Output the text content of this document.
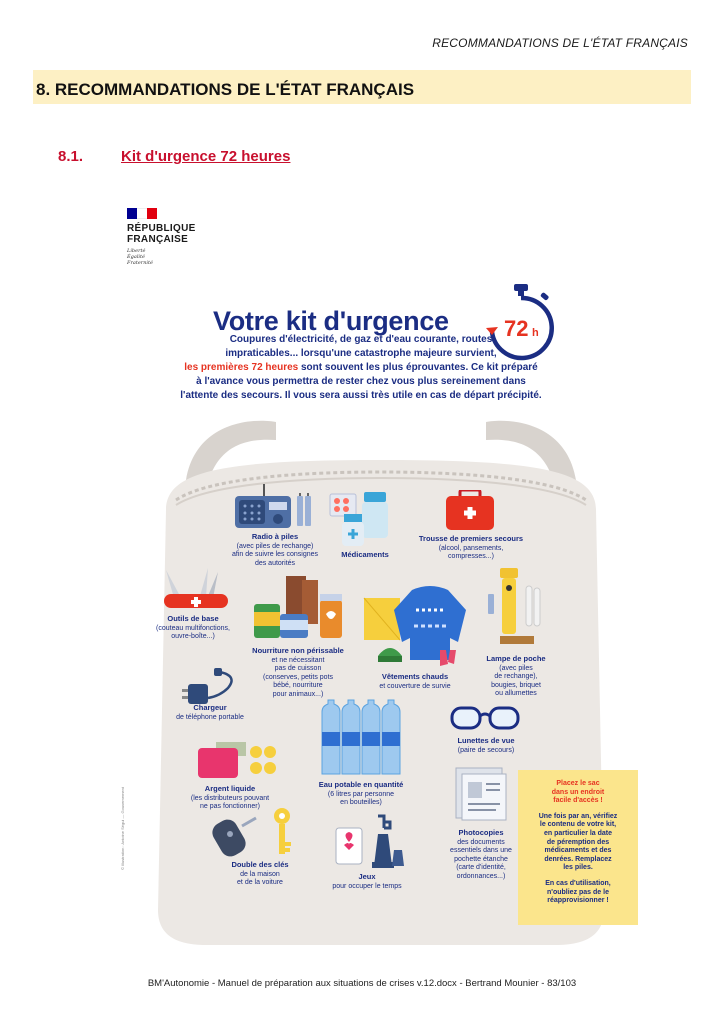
RECOMMANDATIONS DE L'ÉTAT FRANÇAIS
8. RECOMMANDATIONS DE L'ÉTAT FRANÇAIS
8.1.	Kit d'urgence 72 heures
RÉPUBLIQUE
FRANÇAISE
Liberté
Égalité
Fraternité
Votre kit d'urgence	72 h
Coupures d'électricité, de gaz et d'eau courante, routes
impraticables... lorsqu'une catastrophe majeure survient,
les premières 72 heures sont souvent les plus éprouvantes. Ce kit préparé
à l'avance vous permettra de rester chez vous plus sereinement dans
l'attente des secours. Il vous sera aussi très utile en cas de départ précipité.
Radio à piles
(avec piles de rechange)
afin de suivre les consignes
des autorités
Médicaments
Trousse de premiers secours
(alcool, pansements,
compresses...)
Outils de base
(couteau multifonctions,
ouvre-boîte...)
Nourriture non périssable
et ne nécessitant
pas de cuisson
(conserves, petits pots
bébé, nourriture
pour animaux...)
Vêtements chauds
et couverture de survie
Lampe de poche
(avec piles
de rechange),
bougies, briquet
ou allumettes
Chargeur
de téléphone portable
Eau potable en quantité
(6 litres par personne
en bouteilles)
Lunettes de vue
(paire de secours)
Argent liquide
(les distributeurs pouvant
ne pas fonctionner)
Photocopies
des documents
essentiels dans une
pochette étanche
(carte d'identité,
ordonnances...)
Double des clés
de la maison
et de la voiture
Jeux
pour occuper le temps

Placez le sac
dans un endroit
facile d'accès !

Une fois par an, vérifiez
le contenu de votre kit,
en particulier la date
de péremption des
médicaments et des
denrées. Remplacez
les piles.

En cas d'utilisation,
n'oubliez pas de le
réapprovisionner !

© Illustration : Antoine Ségui — Gouvernement
BM'Autonomie - Manuel de préparation aux situations de crises v.12.docx - Bertrand Mounier - 83/103
